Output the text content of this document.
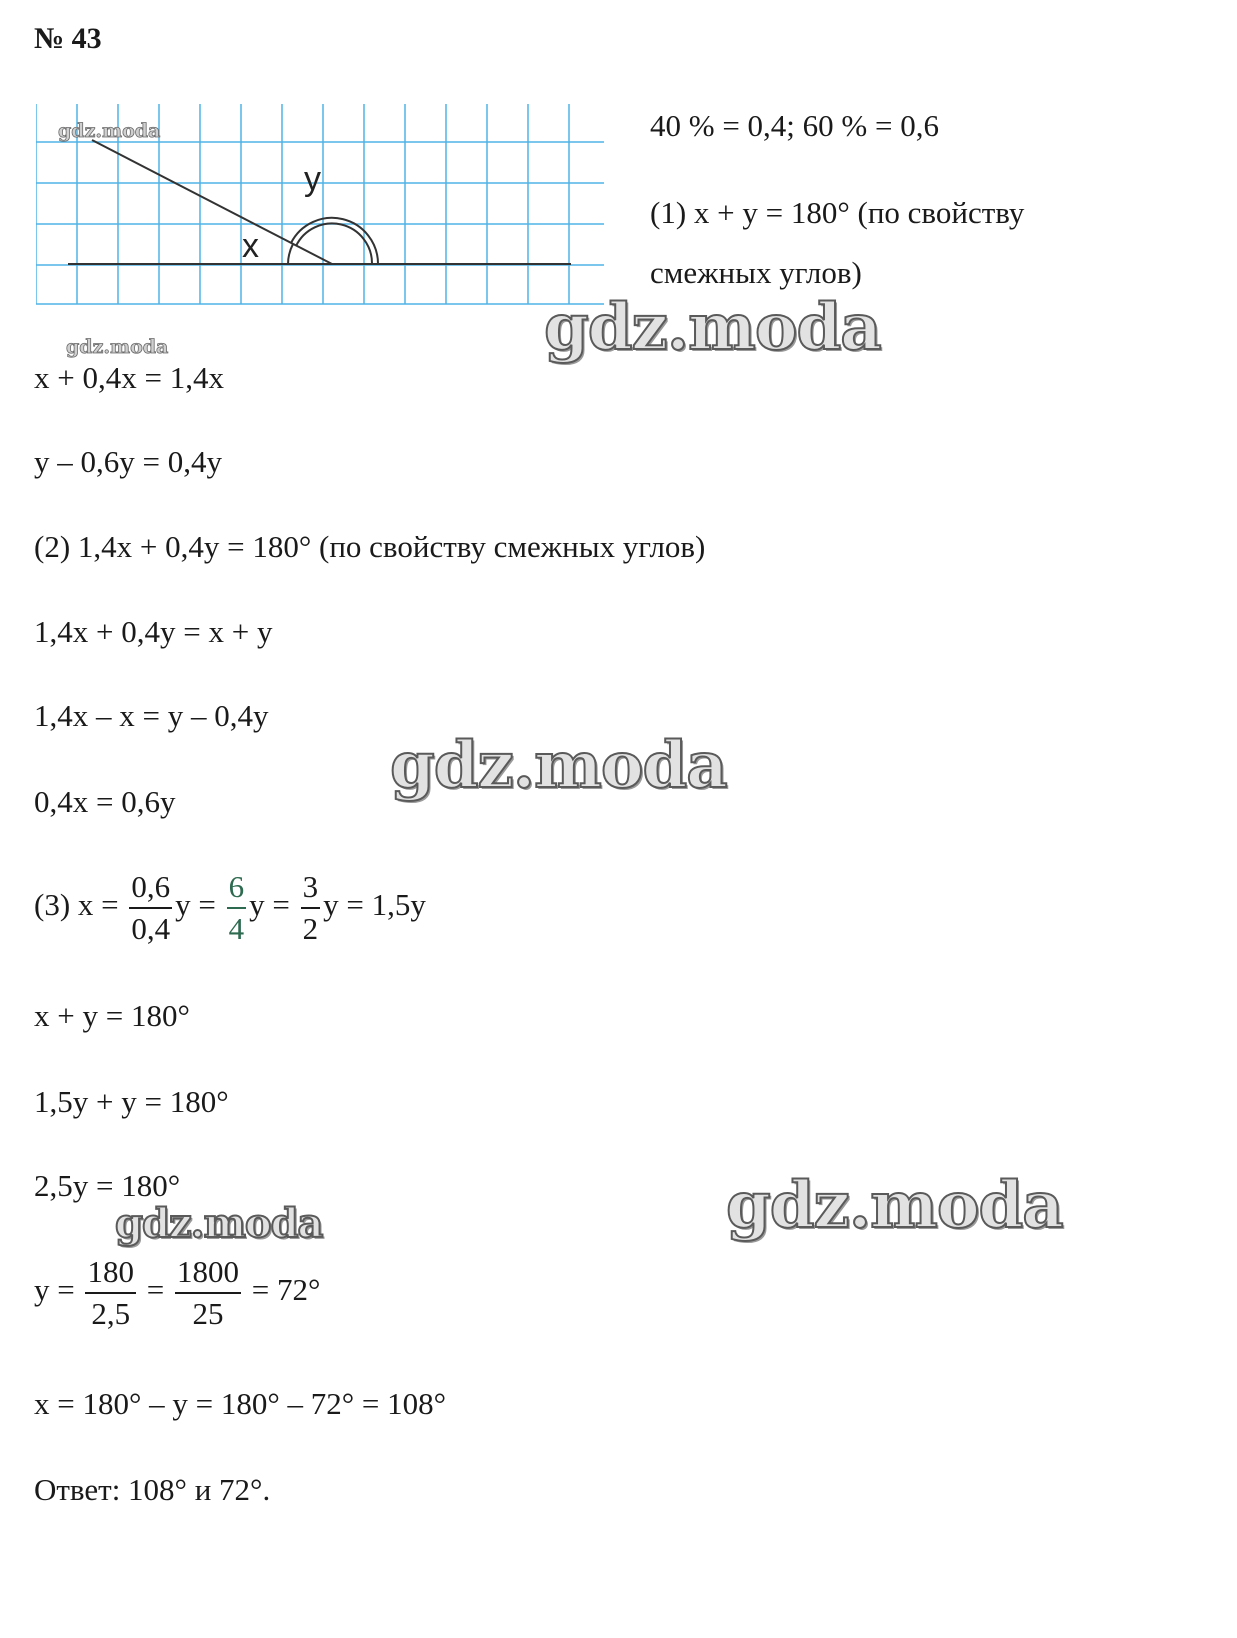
№ 43
y
x
40 % = 0,4; 60 % = 0,6
(1) x + y = 180° (по свойству
смежных углов)
x + 0,4x = 1,4x
y – 0,6y = 0,4y
(2) 1,4x + 0,4y = 180° (по свойству смежных углов)
1,4x + 0,4y = x + y
1,4x – x = y – 0,4y
0,4x = 0,6y
(3) $x = \frac{0,6}{0,4}$ $y = \frac{6}{4}$ $y = \frac{3}{2}$ y = 1,5y
x + y = 180°
1,5y + y = 180°
2,5y = 180°
$y = \frac{180}{2,5} = \frac{1800}{25} = 72^\circ$
x = 180° – y = 180° – 72° = 108°
Ответ: 108° и 72°.
gdz.moda
gdz.moda	gdz.moda
gdz.moda
gdz.moda
gdz.moda
